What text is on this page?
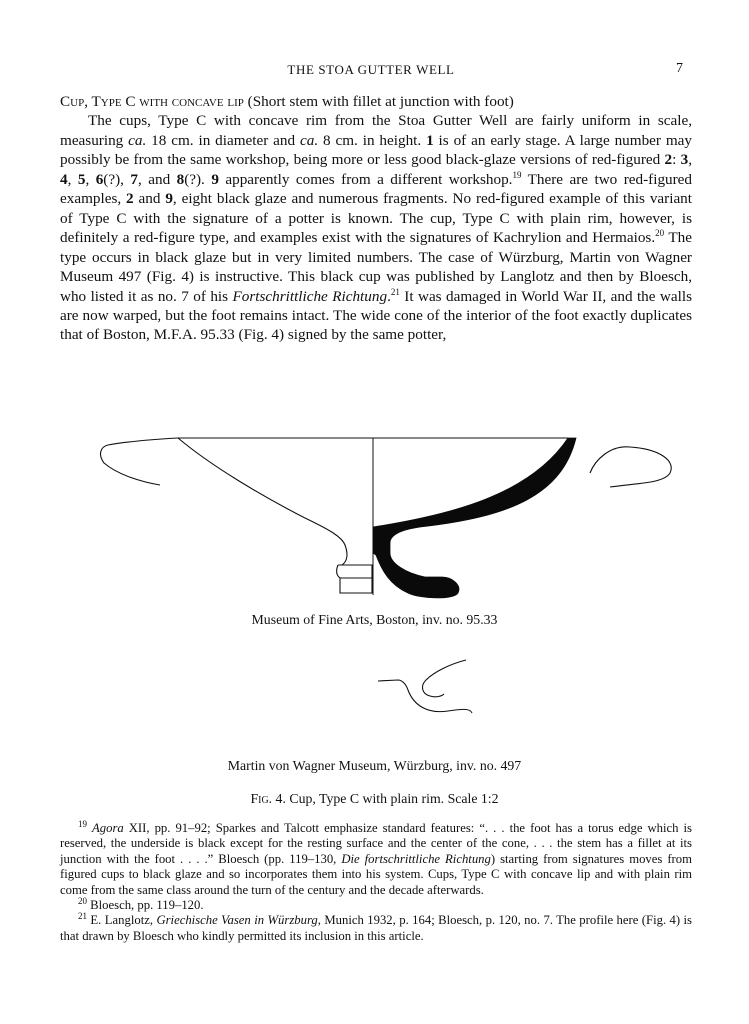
THE STOA GUTTER WELL	7

Cup, Type C with concave lip (Short stem with fillet at junction with foot)

The cups, Type C with concave rim from the Stoa Gutter Well are fairly uniform in scale, measuring ca. 18 cm. in diameter and ca. 8 cm. in height. 1 is of an early stage. A large number may possibly be from the same workshop, being more or less good black-glaze versions of red-figured 2: 3, 4, 5, 6(?), 7, and 8(?). 9 apparently comes from a different workshop.$^{19}$ There are two red-figured examples, 2 and 9, eight black glaze and numerous fragments. No red-figured example of this variant of Type C with the signature of a potter is known. The cup, Type C with plain rim, however, is definitely a red-figure type, and examples exist with the signatures of Kachrylion and Hermaios.$^{20}$ The type occurs in black glaze but in very limited numbers. The case of Würzburg, Martin von Wagner Museum 497 (Fig. 4) is instructive. This black cup was published by Langlotz and then by Bloesch, who listed it as no. 7 of his Fortschrittliche Richtung.$^{21}$ It was damaged in World War II, and the walls are now warped, but the foot remains intact. The wide cone of the interior of the foot exactly duplicates that of Boston, M.F.A. 95.33 (Fig. 4) signed by the same potter,

Museum of Fine Arts, Boston, inv. no. 95.33
Martin von Wagner Museum, Würzburg, inv. no. 497
Fig. 4. Cup, Type C with plain rim. Scale 1:2

$^{19}$ Agora XII, pp. 91–92; Sparkes and Talcott emphasize standard features: “. . . the foot has a torus edge which is reserved, the underside is black except for the resting surface and the center of the cone, . . . the stem has a fillet at its junction with the foot . . . .” Bloesch (pp. 119–130, Die fortschrittliche Richtung) starting from signatures moves from figured cups to black glaze and so incorporates them into his system. Cups, Type C with concave lip and with plain rim come from the same class around the turn of the century and the decade afterwards.

$^{20}$ Bloesch, pp. 119–120.

$^{21}$ E. Langlotz, Griechische Vasen in Würzburg, Munich 1932, p. 164; Bloesch, p. 120, no. 7. The profile here (Fig. 4) is that drawn by Bloesch who kindly permitted its inclusion in this article.
